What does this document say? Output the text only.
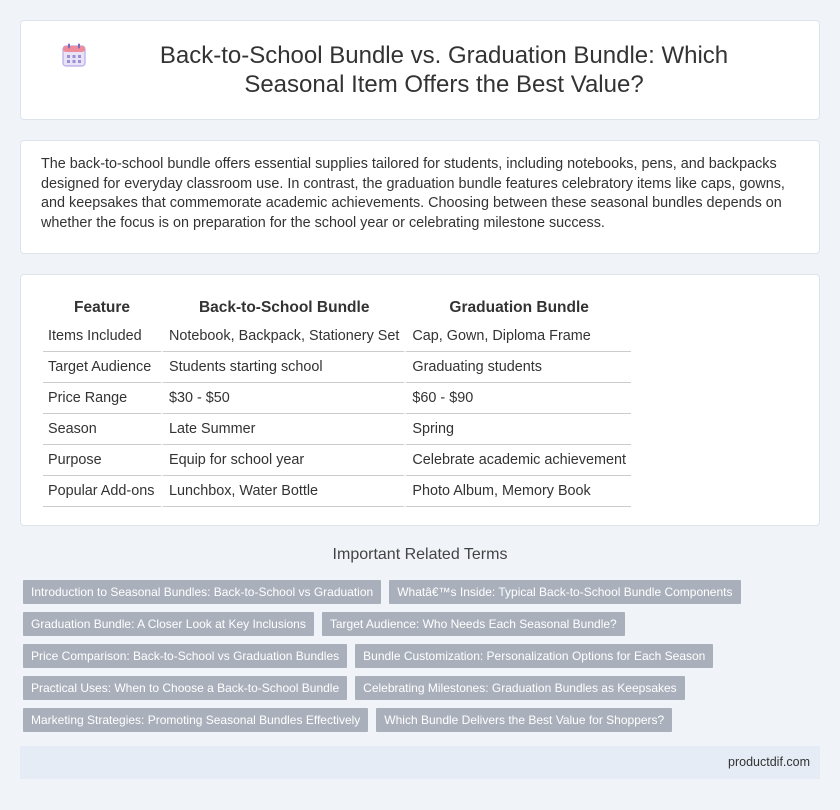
Back-to-School Bundle vs. Graduation Bundle: Which Seasonal Item Offers the Best Value?

The back-to-school bundle offers essential supplies tailored for students, including notebooks, pens, and backpacks designed for everyday classroom use. In contrast, the graduation bundle features celebratory items like caps, gowns, and keepsakes that commemorate academic achievements. Choosing between these seasonal bundles depends on whether the focus is on preparation for the school year or celebrating milestone success.

Feature	Back-to-School Bundle	Graduation Bundle
Items Included	Notebook, Backpack, Stationery Set	Cap, Gown, Diploma Frame
Target Audience	Students starting school	Graduating students
Price Range	$30 - $50	$60 - $90
Season	Late Summer	Spring
Purpose	Equip for school year	Celebrate academic achievement
Popular Add-ons	Lunchbox, Water Bottle	Photo Album, Memory Book
Important Related Terms
Introduction to Seasonal Bundles: Back-to-School vs Graduation	Whatâ€™s Inside: Typical Back-to-School Bundle Components
Graduation Bundle: A Closer Look at Key Inclusions	Target Audience: Who Needs Each Seasonal Bundle?
Price Comparison: Back-to-School vs Graduation Bundles	Bundle Customization: Personalization Options for Each Season
Practical Uses: When to Choose a Back-to-School Bundle	Celebrating Milestones: Graduation Bundles as Keepsakes
Marketing Strategies: Promoting Seasonal Bundles Effectively	Which Bundle Delivers the Best Value for Shoppers?
productdif.com
